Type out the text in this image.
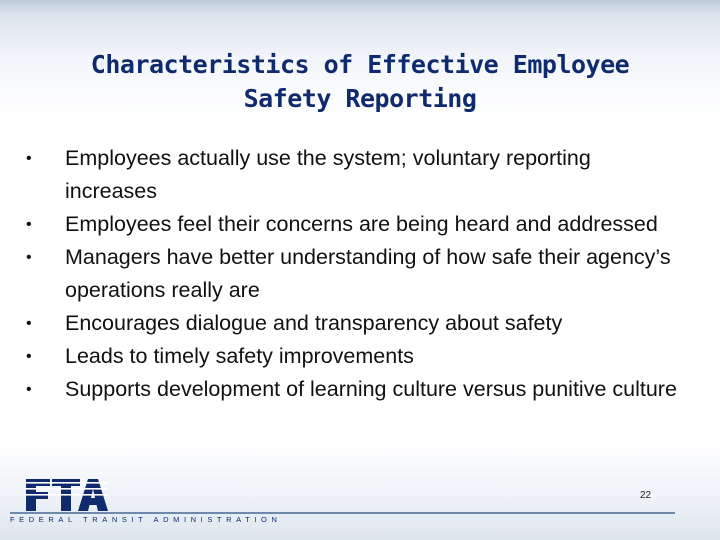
Characteristics of Effective Employee
Safety Reporting
•	Employees actually use the system; voluntary reporting increases
•	Employees feel their concerns are being heard and addressed
•	Managers have better understanding of how safe their agency’s operations really are
•	Encourages dialogue and transparency about safety
•	Leads to timely safety improvements
•	Supports development of learning culture versus punitive culture
22
FEDERAL TRANSIT ADMINISTRATION
